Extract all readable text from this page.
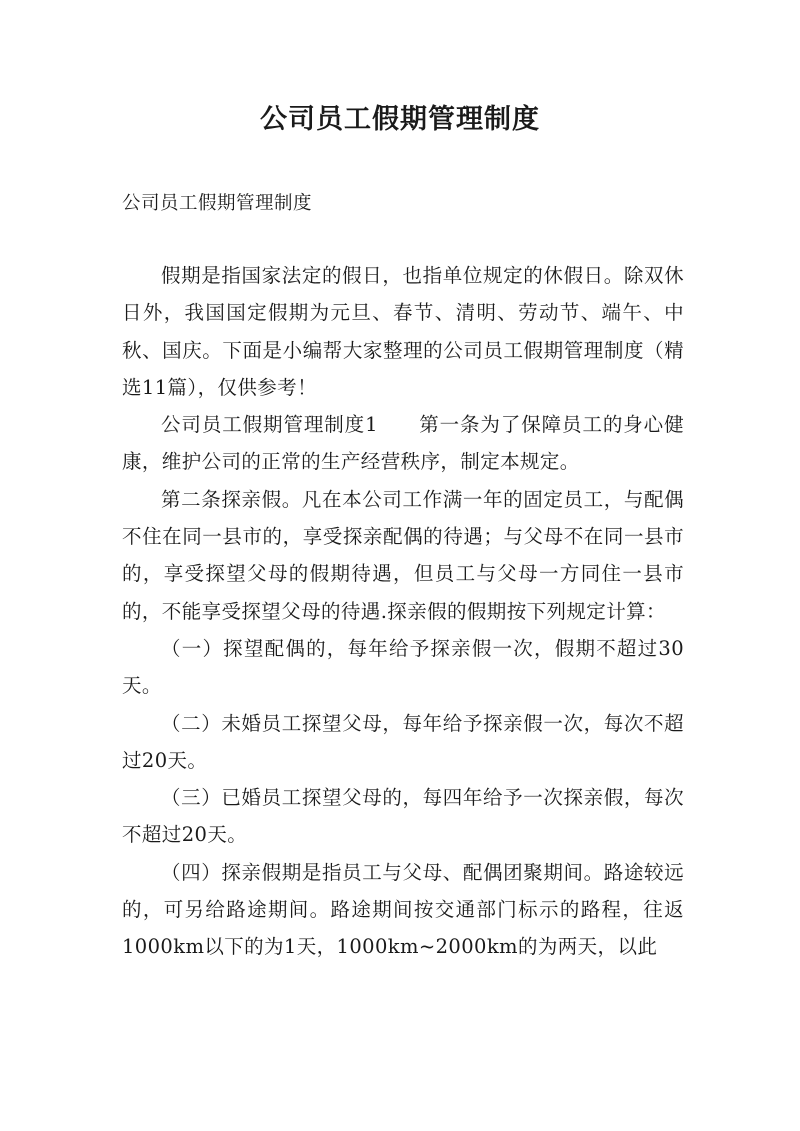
公司员工假期管理制度
公司员工假期管理制度

假期是指国家法定的假日，也指单位规定的休假日。除双休日外，我国国定假期为元旦、春节、清明、劳动节、端午、中秋、国庆。下面是小编帮大家整理的公司员工假期管理制度（精选11篇），仅供参考！

公司员工假期管理制度1　　第一条为了保障员工的身心健康，维护公司的正常的生产经营秩序，制定本规定。

第二条探亲假。凡在本公司工作满一年的固定员工，与配偶不住在同一县市的，享受探亲配偶的待遇；与父母不在同一县市的，享受探望父母的假期待遇，但员工与父母一方同住一县市的，不能享受探望父母的待遇.探亲假的假期按下列规定计算：

（一）探望配偶的，每年给予探亲假一次，假期不超过30天。

（二）未婚员工探望父母，每年给予探亲假一次，每次不超过20天。

（三）已婚员工探望父母的，每四年给予一次探亲假，每次不超过20天。

（四）探亲假期是指员工与父母、配偶团聚期间。路途较远的，可另给路途期间。路途期间按交通部门标示的路程，往返1000km以下的为1天，1000km~2000km的为两天，以此
